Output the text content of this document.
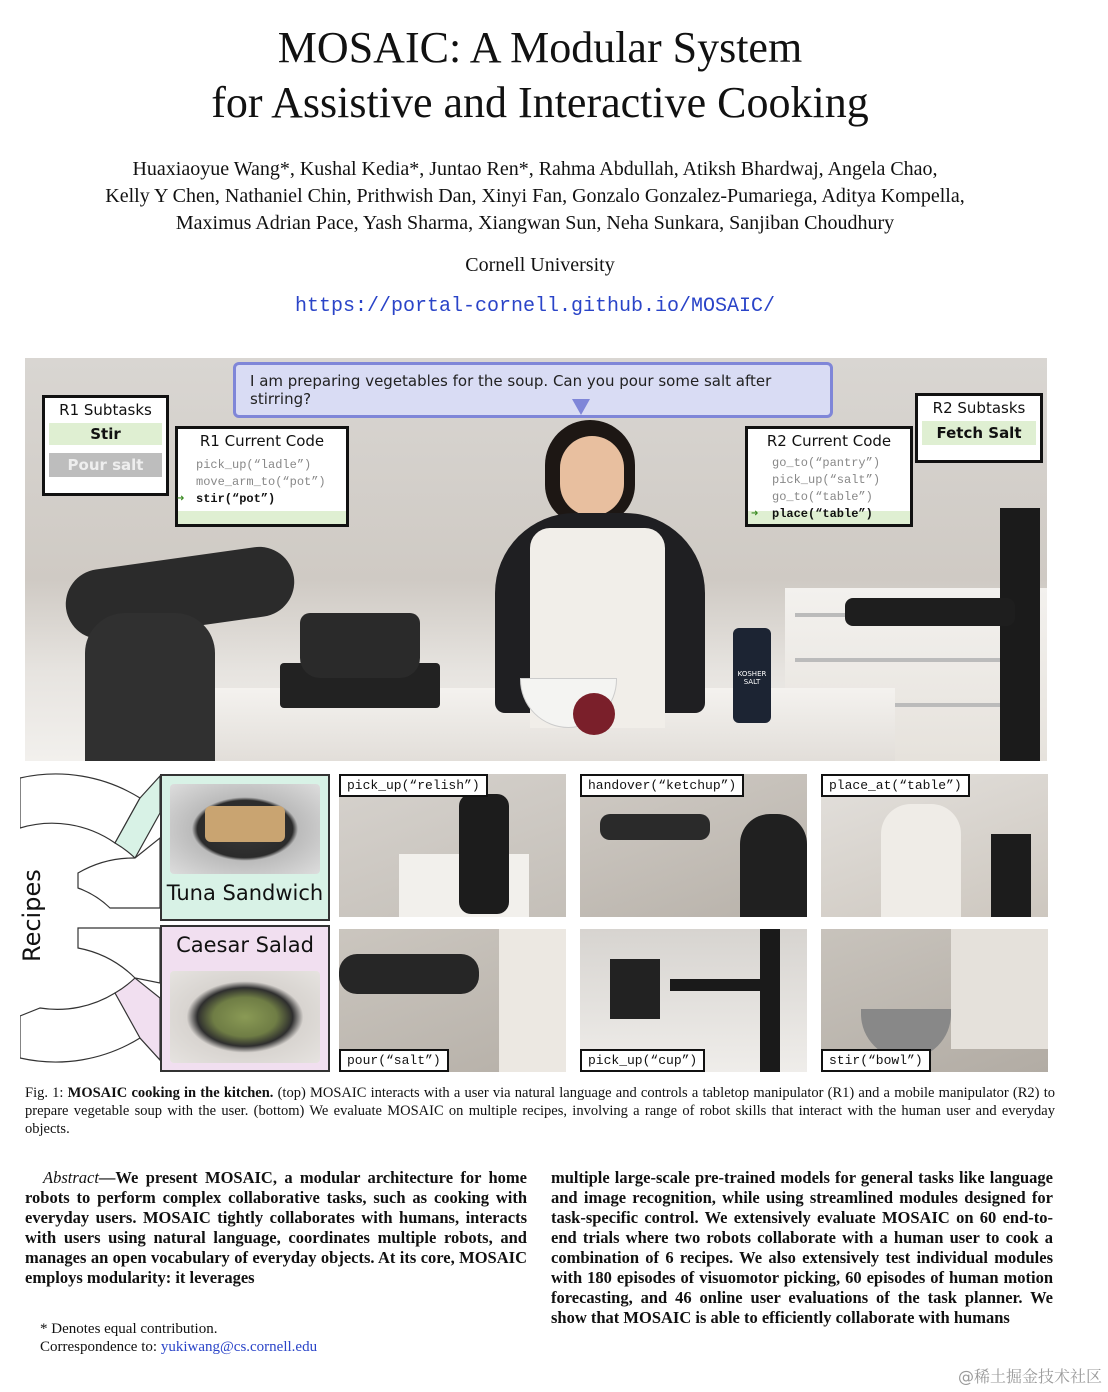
MOSAIC: A Modular System
for Assistive and Interactive Cooking
Huaxiaoyue Wang*, Kushal Kedia*, Juntao Ren*, Rahma Abdullah, Atiksh Bhardwaj, Angela Chao,
Kelly Y Chen, Nathaniel Chin, Prithwish Dan, Xinyi Fan, Gonzalo Gonzalez-Pumariega, Aditya Kompella,
Maximus Adrian Pace, Yash Sharma, Xiangwan Sun, Neha Sunkara, Sanjiban Choudhury
Cornell University
https://portal-cornell.github.io/MOSAIC/
KOSHER SALT
I am preparing vegetables for the soup. Can you pour some salt after stirring?
R1 Subtasks
Stir
Pour salt
R1 Current Code
pick_up(“ladle”)
move_arm_to(“pot”)
➜ stir(“pot”)
R2 Current Code
go_to(“pantry”)
pick_up(“salt”)
go_to(“table”)
➜ place(“table”)
R2 Subtasks
Fetch Salt
Recipes	Tuna Sandwich
Caesar Salad
pick_up(“relish”)	handover(“ketchup”)	place_at(“table”)
pour(“salt”)	pick_up(“cup”)	stir(“bowl”)
Fig. 1: MOSAIC cooking in the kitchen. (top) MOSAIC interacts with a user via natural language and controls a tabletop manipulator (R1) and a mobile manipulator (R2) to prepare vegetable soup with the user. (bottom) We evaluate MOSAIC on multiple recipes, involving a range of robot skills that interact with the human user and everyday objects.
Abstract—We present MOSAIC, a modular architecture for home robots to perform complex collaborative tasks, such as cooking with everyday users. MOSAIC tightly collaborates with humans, interacts with users using natural language, coordinates multiple robots, and manages an open vocabulary of everyday objects. At its core, MOSAIC employs modularity: it leverages
multiple large-scale pre-trained models for general tasks like language and image recognition, while using streamlined modules designed for task-specific control. We extensively evaluate MOSAIC on 60 end-to-end trials where two robots collaborate with a human user to cook a combination of 6 recipes. We also extensively test individual modules with 180 episodes of visuomotor picking, 60 episodes of human motion forecasting, and 46 online user evaluations of the task planner. We show that MOSAIC is able to efficiently collaborate with humans
* Denotes equal contribution.
Correspondence to: yukiwang@cs.cornell.edu
@稀土掘金技术社区
